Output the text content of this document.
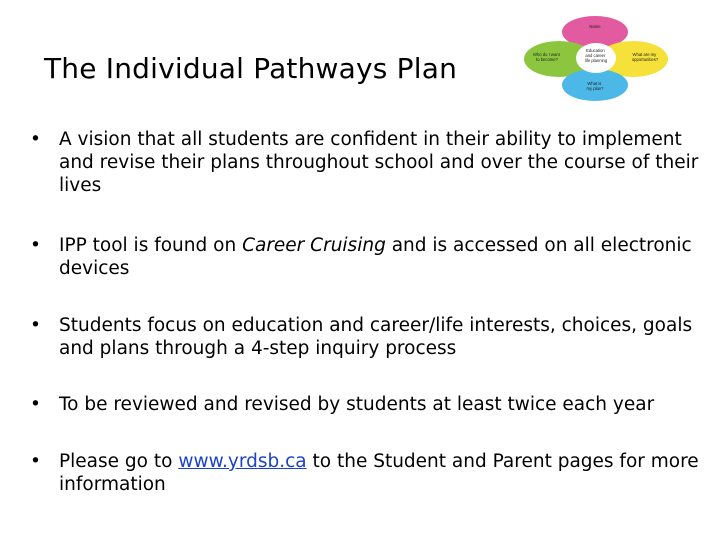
The Individual Pathways Plan
Name
Who do I want to become?
Education and career life planning
What are my opportunities?
What is my plan?
• A vision that all students are confident in their ability to implement and revise their plans throughout school and over the course of their lives
• IPP tool is found on Career Cruising and is accessed on all electronic devices
• Students focus on education and career/life interests, choices, goals and plans through a 4-step inquiry process
• To be reviewed and revised by students at least twice each year
• Please go to www.yrdsb.ca to the Student and Parent pages for more information
